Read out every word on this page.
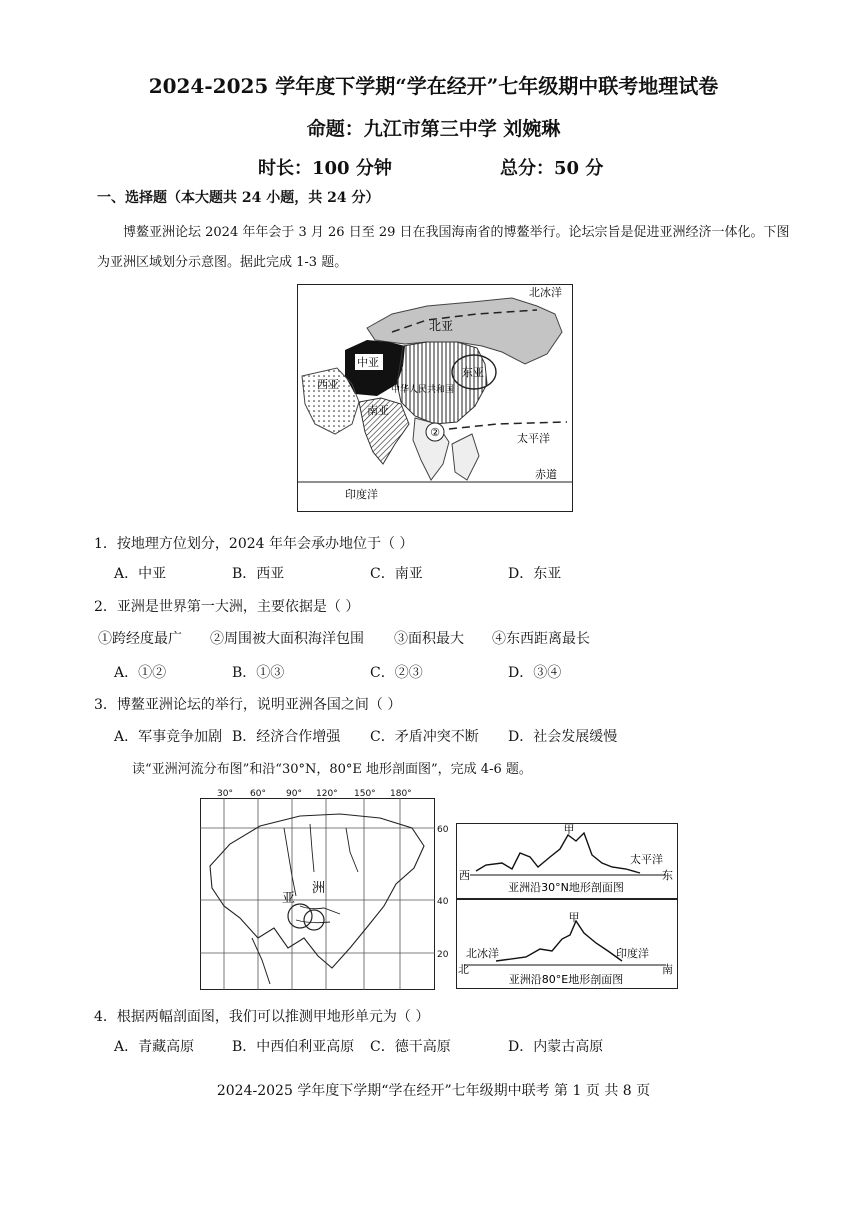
2024-2025 学年度下学期“学在经开”七年级期中联考地理试卷
命题：九江市第三中学 刘婉琳
时长：100 分钟	总分：50 分
一、选择题（本大题共 24 小题，共 24 分）
博鳌亚洲论坛 2024 年年会于 3 月 26 日至 29 日在我国海南省的博鳌举行。论坛宗旨是促进亚洲经济一体化。下图为亚洲区域划分示意图。据此完成 1-3 题。
②
北冰洋
北亚
中亚
中华人民共和国
东亚
西亚
南亚
太平洋
赤道
印度洋
1．按地理方位划分，2024 年年会承办地位于（ ）
A．中亚	B．西亚	C．南亚	D．东亚
2．亚洲是世界第一大洲，主要依据是（ ）
①跨经度最广 ②周围被大面积海洋包围 ③面积最大 ④东西距离最长
A．①②	B．①③	C．②③	D．③④
3．博鳌亚洲论坛的举行，说明亚洲各国之间（ ）
A．军事竞争加剧 B．经济合作增强 C．矛盾冲突不断 D．社会发展缓慢
读“亚洲河流分布图”和沿“30°N，80°E 地形剖面图”，完成 4-6 题。
30° 60° 90° 120° 150° 180°
60
40
20
亚
洲
甲
西
太平洋
东
亚洲沿30°N地形剖面图
甲
北冰洋	印度洋
北	南
亚洲沿80°E地形剖面图
4．根据两幅剖面图，我们可以推测甲地形单元为（ ）
A．青藏高原	B．中西伯利亚高原 C．德干高原	D．内蒙古高原
2024-2025 学年度下学期“学在经开”七年级期中联考 第 1 页 共 8 页
